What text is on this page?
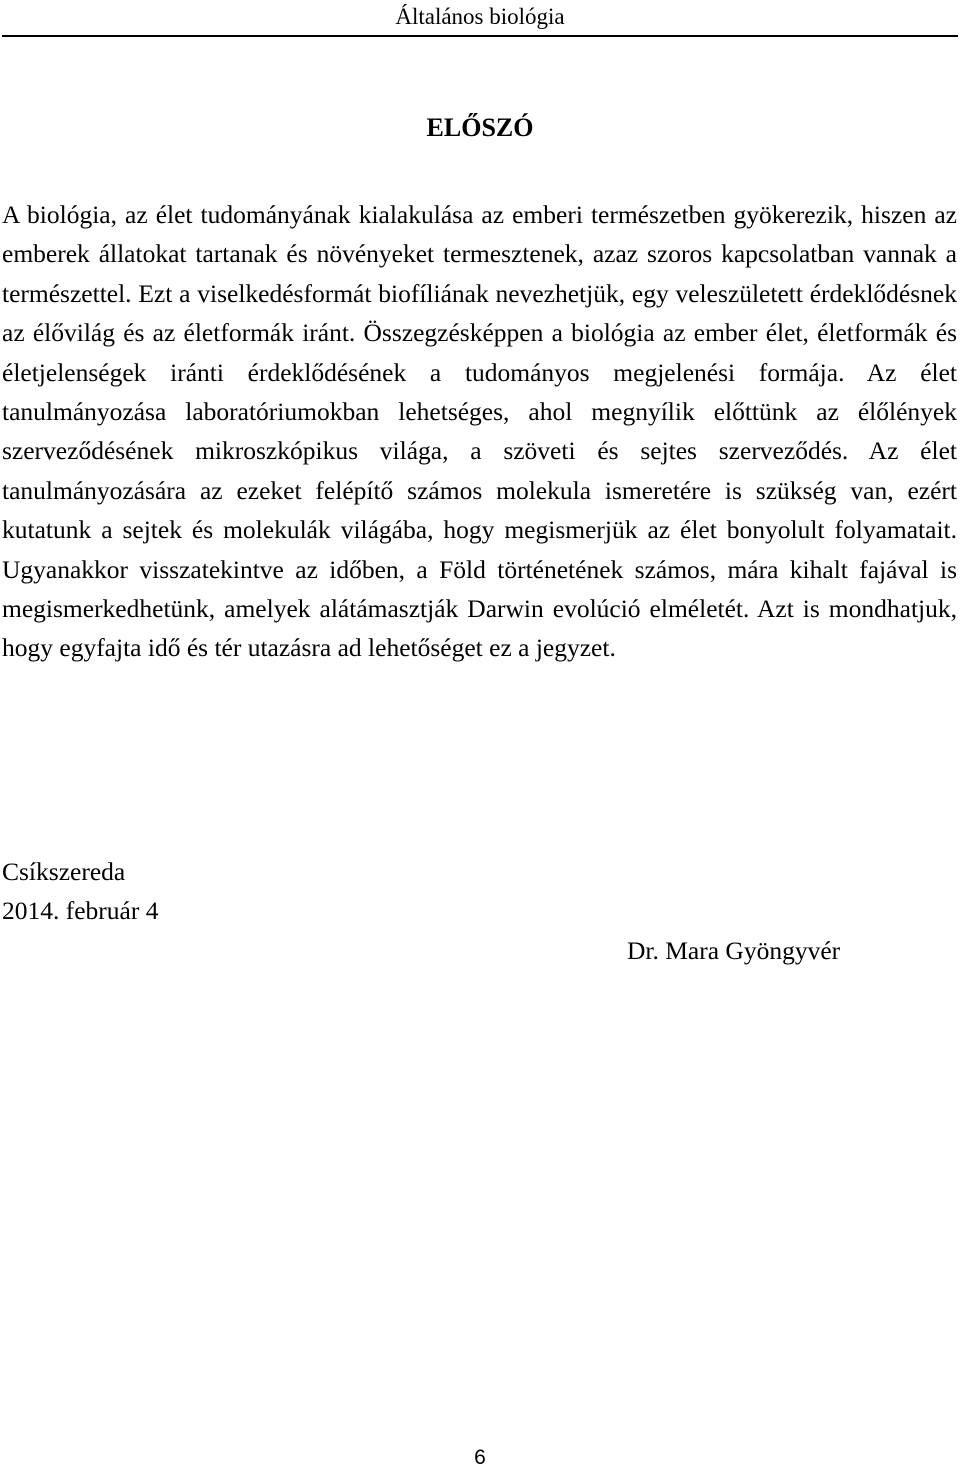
Általános biológia
ELŐSZÓ

A biológia, az élet tudományának kialakulása az emberi természetben gyökerezik, hiszen az emberek állatokat tartanak és növényeket termesztenek, azaz szoros kapcsolatban vannak a természettel. Ezt a viselkedésformát biofíliának nevezhetjük, egy veleszületett érdeklődésnek az élővilág és az életformák iránt. Összegzésképpen a biológia az ember élet, életformák és életjelenségek iránti érdeklődésének a tudományos megjelenési formája. Az élet tanulmányozása laboratóriumokban lehetséges, ahol megnyílik előttünk az élőlények szerveződésének mikroszkópikus világa, a szöveti és sejtes szerveződés. Az élet tanulmányozására az ezeket felépítő számos molekula ismeretére is szükség van, ezért kutatunk a sejtek és molekulák világába, hogy megismerjük az élet bonyolult folyamatait. Ugyanakkor visszatekintve az időben, a Föld történetének számos, mára kihalt fajával is megismerkedhetünk, amelyek alátámasztják Darwin evolúció elméletét. Azt is mondhatjuk, hogy egyfajta idő és tér utazásra ad lehetőséget ez a jegyzet.

Csíkszereda
2014. február 4
Dr. Mara Gyöngyvér
6
